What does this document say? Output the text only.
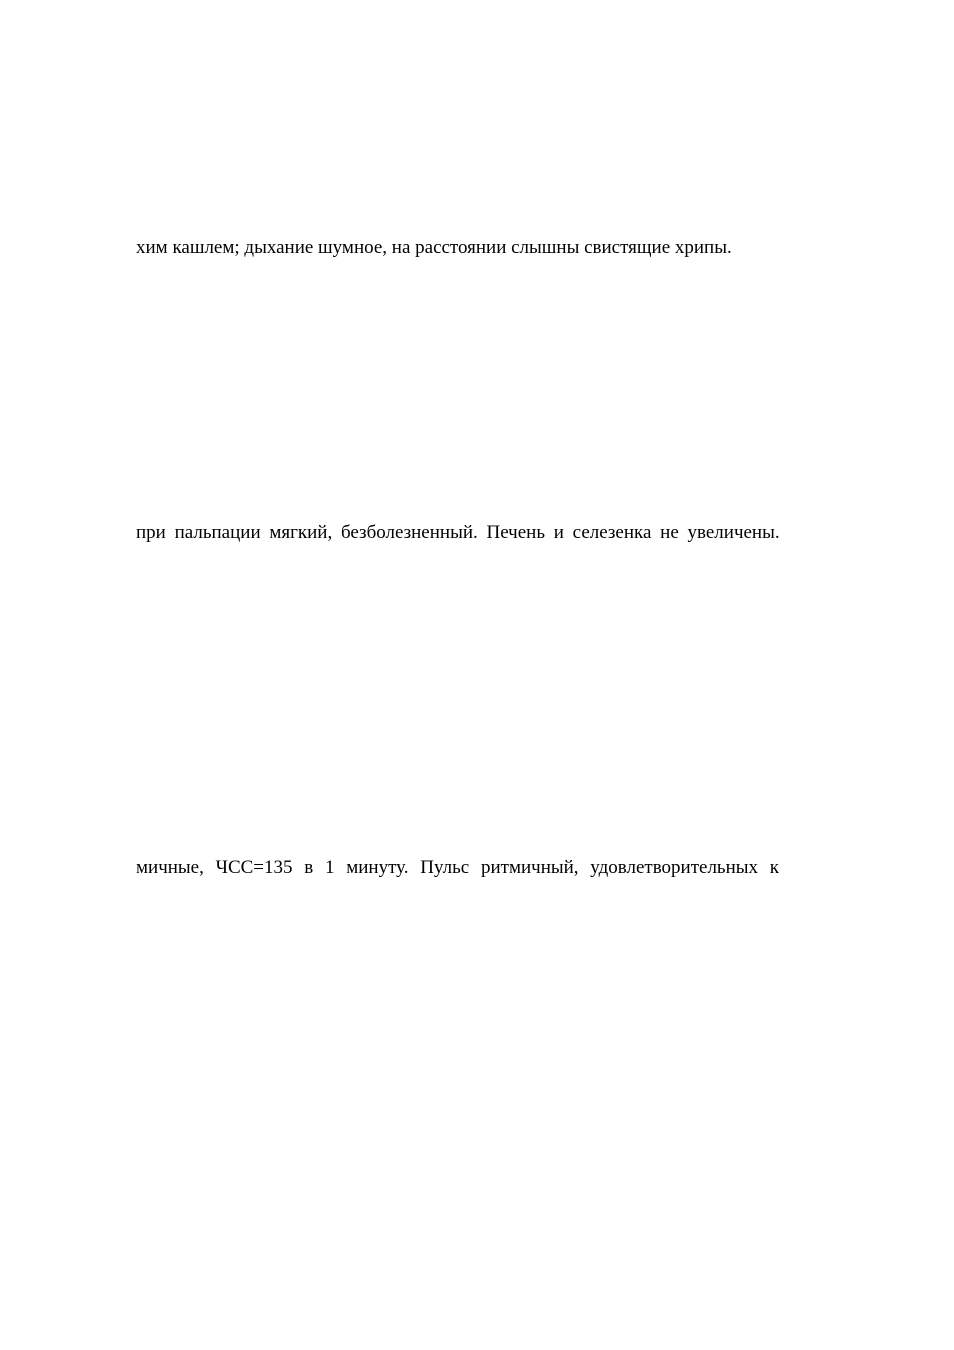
хим кашлем; дыхание шумное, на расстоянии слышны свистящие хрипы.
при пальпации мягкий, безболезненный. Печень и селезенка не увеличены.
мичные, ЧСС=135 в 1 минуту. Пульс ритмичный, удовлетворительных к
